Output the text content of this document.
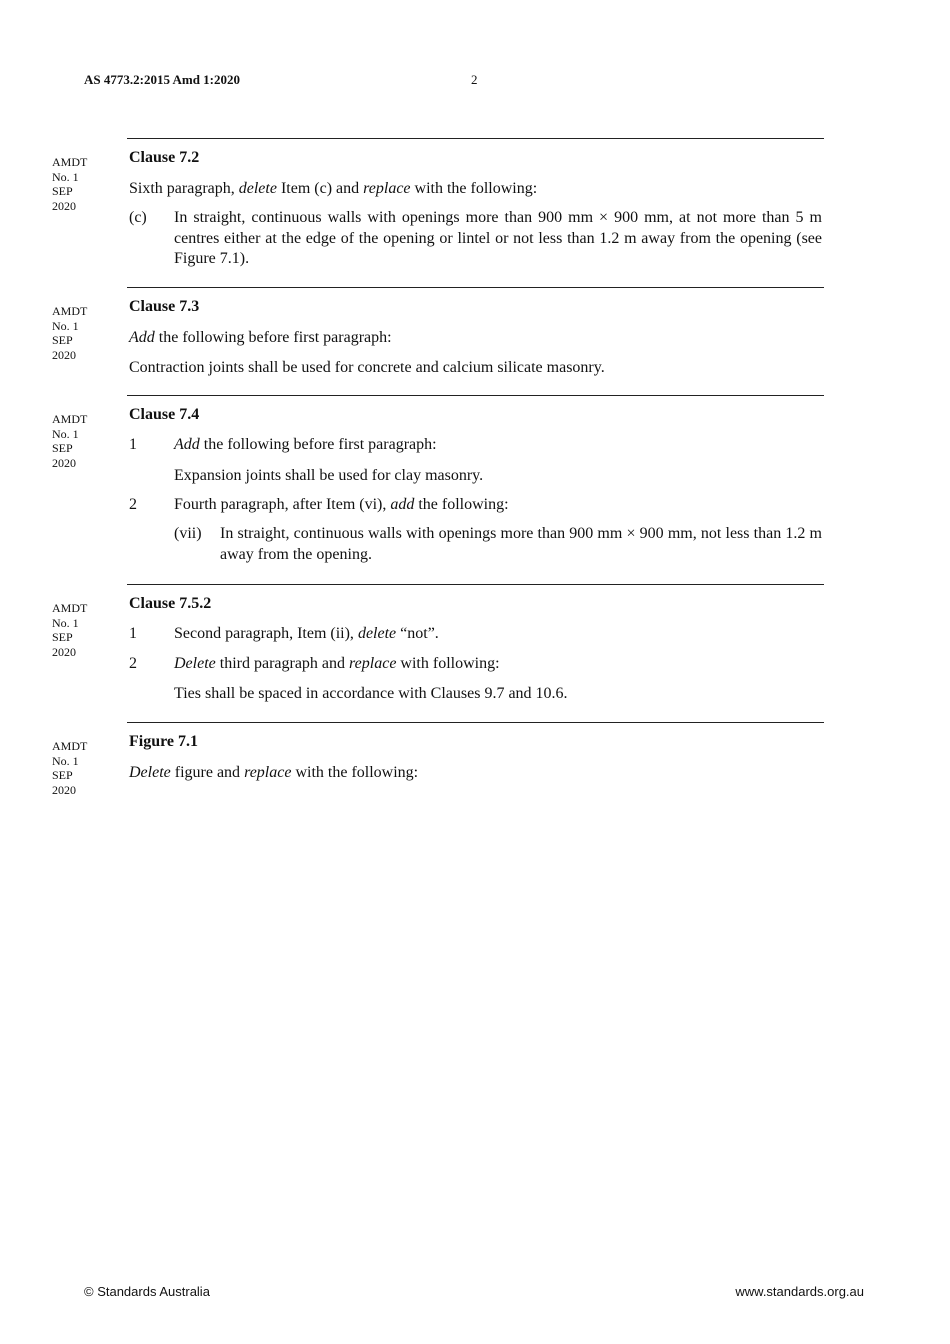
AS 4773.2:2015 Amd 1:2020	2
AMDT
No. 1
SEP
2020
Clause 7.2
Sixth paragraph, delete Item (c) and replace with the following:
(c)	In straight, continuous walls with openings more than 900 mm × 900 mm, at not more than 5 m centres either at the edge of the opening or lintel or not less than 1.2 m away from the opening (see Figure 7.1).
AMDT
No. 1
SEP
2020
Clause 7.3
Add the following before first paragraph:
Contraction joints shall be used for concrete and calcium silicate masonry.
AMDT
No. 1
SEP
2020
Clause 7.4
1	Add the following before first paragraph:
Expansion joints shall be used for clay masonry.
2	Fourth paragraph, after Item (vi), add the following:
(vii)	In straight, continuous walls with openings more than 900 mm × 900 mm, not less than 1.2 m away from the opening.
AMDT
No. 1
SEP
2020
Clause 7.5.2
1	Second paragraph, Item (ii), delete “not”.
2	Delete third paragraph and replace with following:
Ties shall be spaced in accordance with Clauses 9.7 and 10.6.
AMDT
No. 1
SEP
2020
Figure 7.1
Delete figure and replace with the following:
© Standards Australia	www.standards.org.au
